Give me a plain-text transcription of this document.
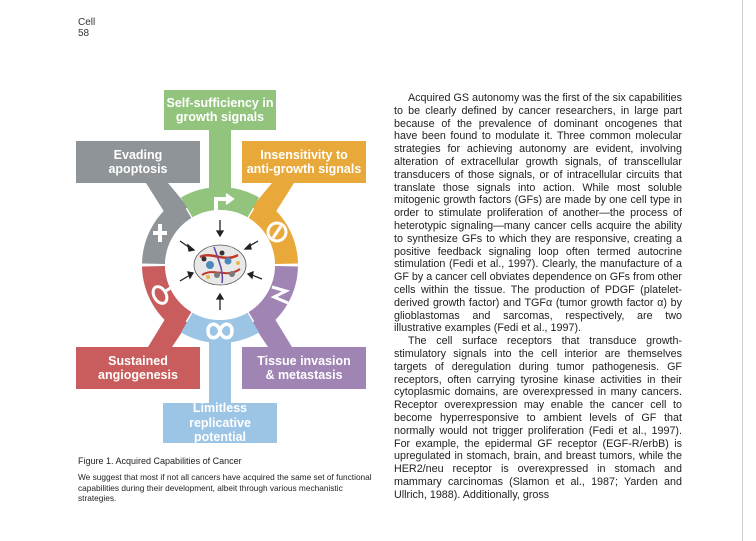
Cell
58
Self-sufficiency in
growth signals
Insensitivity to
anti-growth signals
Evading
apoptosis
Sustained
angiogenesis
Tissue invasion
& metastasis
Limitless replicative
potential
Figure 1. Acquired Capabilities of Cancer
We suggest that most if not all cancers have acquired the same set of functional capabilities during their development, albeit through various mechanistic strategies.

Acquired GS autonomy was the first of the six capabilities to be clearly defined by cancer researchers, in large part because of the prevalence of dominant oncogenes that have been found to modulate it. Three common molecular strategies for achieving autonomy are evident, involving alteration of extracellular growth signals, of transcellular transducers of those signals, or of intracellular circuits that translate those signals into action. While most soluble mitogenic growth factors (GFs) are made by one cell type in order to stimulate proliferation of another—the process of heterotypic signaling—many cancer cells acquire the ability to synthesize GFs to which they are responsive, creating a positive feedback signaling loop often termed autocrine stimulation (Fedi et al., 1997). Clearly, the manufacture of a GF by a cancer cell obviates dependence on GFs from other cells within the tissue. The production of PDGF (platelet-derived growth factor) and TGFα (tumor growth factor α) by glioblastomas and sarcomas, respectively, are two illustrative examples (Fedi et al., 1997).

The cell surface receptors that transduce growth-stimulatory signals into the cell interior are themselves targets of deregulation during tumor pathogenesis. GF receptors, often carrying tyrosine kinase activities in their cytoplasmic domains, are overexpressed in many cancers. Receptor overexpression may enable the cancer cell to become hyperresponsive to ambient levels of GF that normally would not trigger proliferation (Fedi et al., 1997). For example, the epidermal GF receptor (EGF-R/erbB) is upregulated in stomach, brain, and breast tumors, while the HER2/neu receptor is overexpressed in stomach and mammary carcinomas (Slamon et al., 1987; Yarden and Ullrich, 1988). Additionally, gross
